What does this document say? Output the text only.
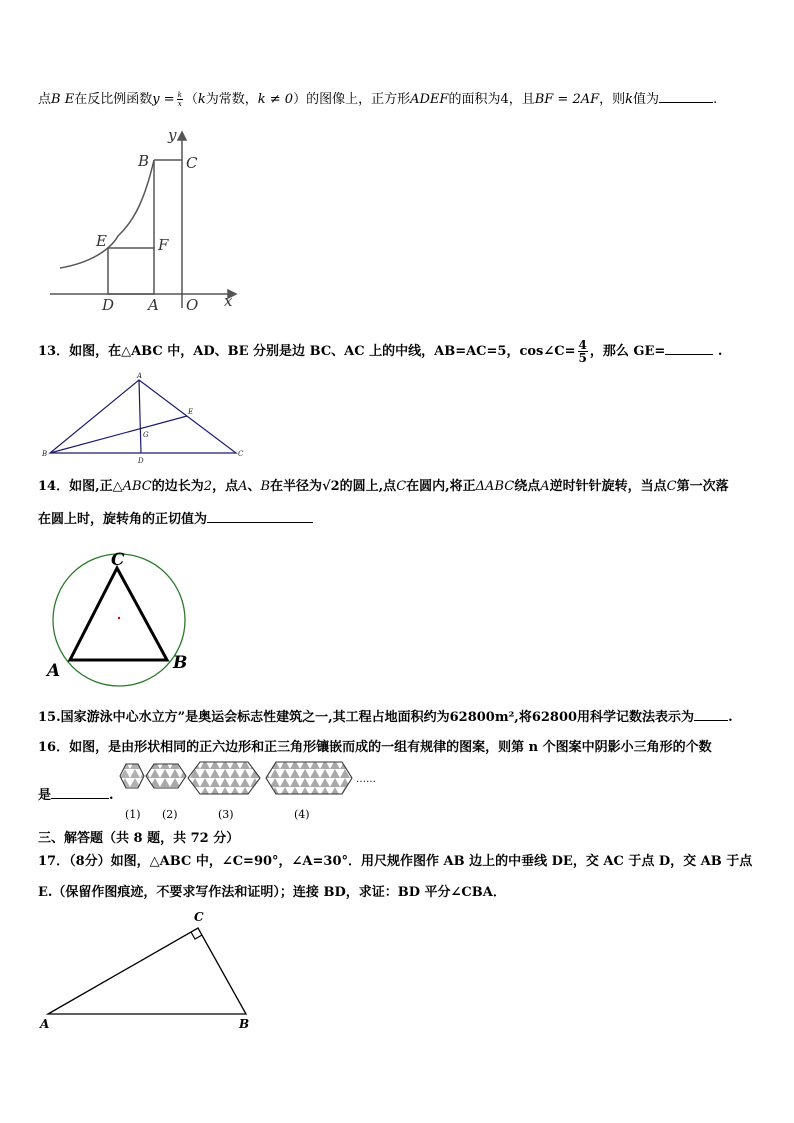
点B E在反比例函数$y = \frac{k}{x} (k$为常数，k ≠ 0）的图像上，正方形ADEF的面积为4，且BF = 2AF，则k值为	.
y
x
B C
E	F
D A O
13．如图，在△ABC 中，AD、BE 分别是边 BC、AC 上的中线，AB=AC=5，cos∠C= $\frac{4}{5}$ ，那么 GE=	.
A
B	C
D
E
G
14．如图,正△ABC的边长为2，点A、B在半径为√2的圆上,点C在圆内,将正ΔABC绕点A逆时针针旋转，当点C第一次落
在圆上时，旋转角的正切值为
C
A	B
15.国家游泳中心水立方”是奥运会标志性建筑之一,其工程占地面积约为62800m²,将62800用科学记数法表示为	.
16．如图，是由形状相同的正六边形和正三角形镶嵌而成的一组有规律的图案，则第 n 个图案中阴影小三角形的个数
是	.
(1) (2)	(3)	(4)
……
三、解答题（共 8 题，共 72 分）
17．（8分）如图，△ABC 中，∠C=90°，∠A=30°．用尺规作图作 AB 边上的中垂线 DE，交 AC 于点 D，交 AB 于点
E.（保留作图痕迹，不要求写作法和证明）；连接 BD，求证：BD 平分∠CBA．
C
A	B
